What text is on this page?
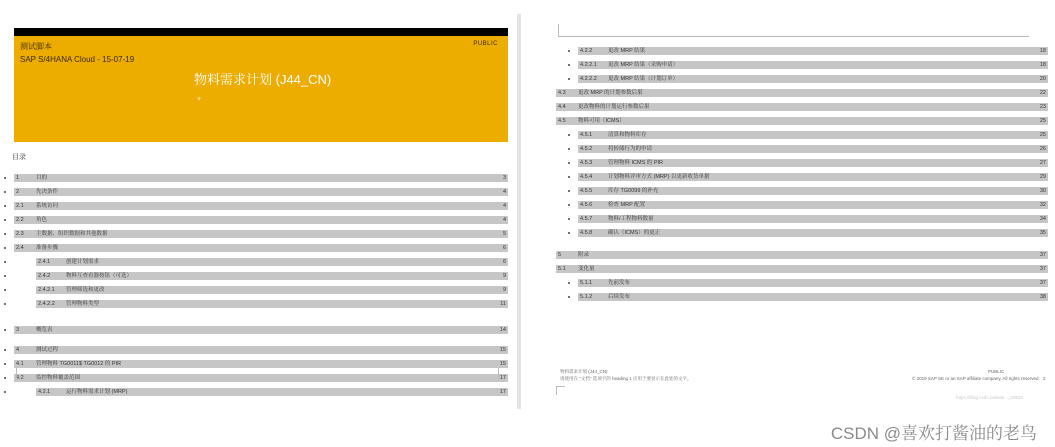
测试脚本
SAP S/4HANA Cloud - 15-07-19
PUBLIC
物料需求计划 (J44_CN)
+
目录
1	目的	3
2	先决条件	4
2.1 系统访问	4
2.2 角色	4
2.3 主数据、组织数据和其他数据	5
2.4 准备步骤	6
2.4.1	创建计划需求	6
2.4.2	物料互查看器按钮（可选）	9
2.4.2.1 管理筛选和更改	9
2.4.2.2 管理物料类型	11
3	概览表	14
4	测试过程	15
4.1 管理物料 TG0011$ TG0012 的 PIR	15
4.2 监控物料覆盖范围	17
4.2.1	运行物料需求计划 (MRP)	17
4.2.2	更改 MRP 结果	18
4.2.2.1 更改 MRP 结果（采购申请）	18
4.2.2.2 更改 MRP 结果（计划订单）	20
4.3 更改 MRP 的计划参数后果	22
4.4 更改物料的计划运行参数后果	23
4.5 物料可用（ICMS）	25
4.5.1	清算和物料库存	25
4.5.2	将转储行为的申请	26
4.5.3	管理物料 ICMS 的 PIR	27
4.5.4	计划物料评审方式 (MRP) 以更新收货单据	29
4.5.5	库存 TG0099 的补充	30
4.5.6	检查 MRP 配置	32
4.5.7	物料/工程物料数量	34
4.5.8	确认（ICMS）的更正	35
5	附录	37
5.1 变化量	37
5.1.1	先前发布	37
5.1.2	后续发布	38
物料需求计划 (J44_CN)
请使用在 "文档" 选项卡的 heading 1 应用于要显示在此处的文字。
PUBLIC
© 2019 SAP SE or an SAP affiliate company. All rights reserved. 2
https://blog.csdn.net/wei..._33810
CSDN @喜欢打酱油的老鸟
